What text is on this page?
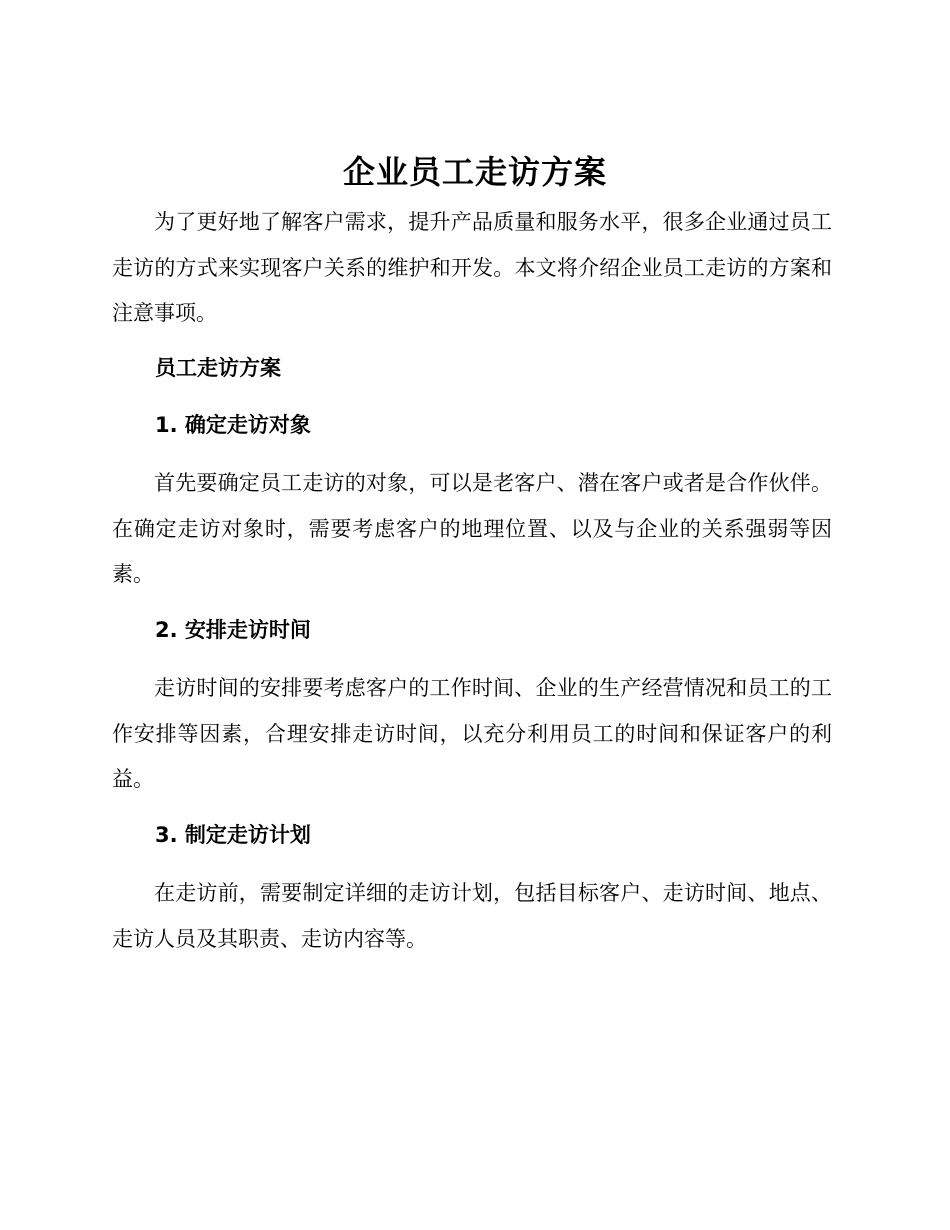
企业员工走访方案

为了更好地了解客户需求，提升产品质量和服务水平，很多企业通过员工走访的方式来实现客户关系的维护和开发。本文将介绍企业员工走访的方案和注意事项。

员工走访方案
1. 确定走访对象

首先要确定员工走访的对象，可以是老客户、潜在客户或者是合作伙伴。在确定走访对象时，需要考虑客户的地理位置、以及与企业的关系强弱等因素。

2. 安排走访时间

走访时间的安排要考虑客户的工作时间、企业的生产经营情况和员工的工作安排等因素，合理安排走访时间，以充分利用员工的时间和保证客户的利益。

3. 制定走访计划

在走访前，需要制定详细的走访计划，包括目标客户、走访时间、地点、走访人员及其职责、走访内容等。
